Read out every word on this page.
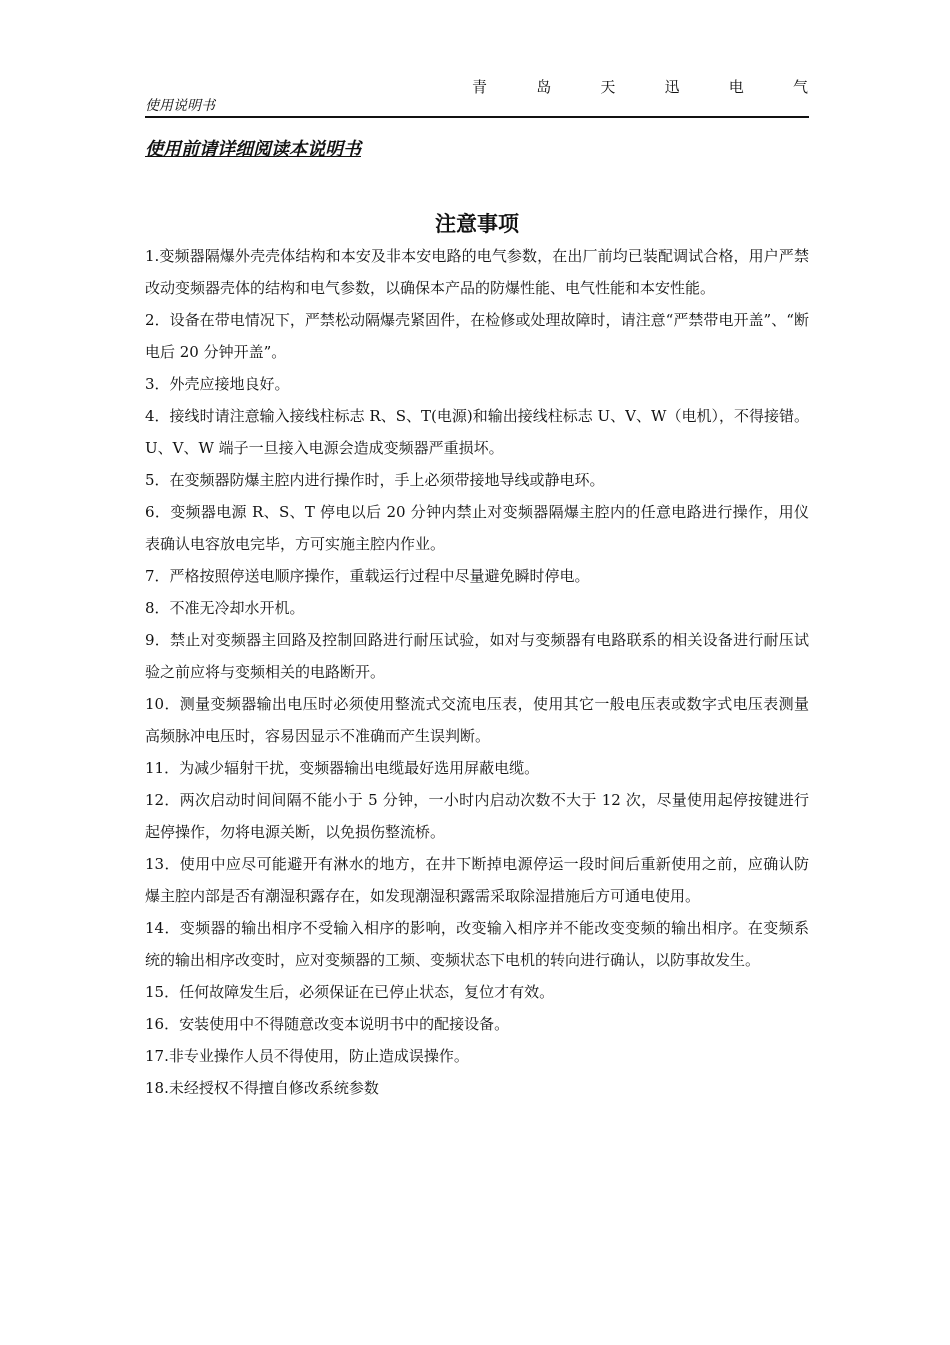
青	岛	天	迅	电	气
使用说明书
使用前请详细阅读本说明书
注意事项
1.变频器隔爆外壳壳体结构和本安及非本安电路的电气参数，在出厂前均已装配调试合格，用户严禁改动变频器壳体的结构和电气参数，以确保本产品的防爆性能、电气性能和本安性能。
2．设备在带电情况下，严禁松动隔爆壳紧固件，在检修或处理故障时，请注意“严禁带电开盖”、“断电后 20 分钟开盖”。
3．外壳应接地良好。
4．接线时请注意输入接线柱标志 R、S、T(电源)和输出接线柱标志 U、V、W（电机），不得接错。U、V、W 端子一旦接入电源会造成变频器严重损坏。
5．在变频器防爆主腔内进行操作时，手上必须带接地导线或静电环。
6．变频器电源 R、S、T 停电以后 20 分钟内禁止对变频器隔爆主腔内的任意电路进行操作，用仪表确认电容放电完毕，方可实施主腔内作业。
7．严格按照停送电顺序操作，重载运行过程中尽量避免瞬时停电。
8．不准无冷却水开机。
9．禁止对变频器主回路及控制回路进行耐压试验，如对与变频器有电路联系的相关设备进行耐压试验之前应将与变频相关的电路断开。
10．测量变频器输出电压时必须使用整流式交流电压表，使用其它一般电压表或数字式电压表测量高频脉冲电压时，容易因显示不准确而产生误判断。
11．为减少辐射干扰，变频器输出电缆最好选用屏蔽电缆。
12．两次启动时间间隔不能小于 5 分钟，一小时内启动次数不大于 12 次，尽量使用起停按键进行起停操作，勿将电源关断，以免损伤整流桥。
13．使用中应尽可能避开有淋水的地方，在井下断掉电源停运一段时间后重新使用之前，应确认防爆主腔内部是否有潮湿积露存在，如发现潮湿积露需采取除湿措施后方可通电使用。
14．变频器的输出相序不受输入相序的影响，改变输入相序并不能改变变频的输出相序。在变频系统的输出相序改变时，应对变频器的工频、变频状态下电机的转向进行确认，以防事故发生。
15．任何故障发生后，必须保证在已停止状态，复位才有效。
16．安装使用中不得随意改变本说明书中的配接设备。
17.非专业操作人员不得使用，防止造成误操作。
18.未经授权不得擅自修改系统参数
